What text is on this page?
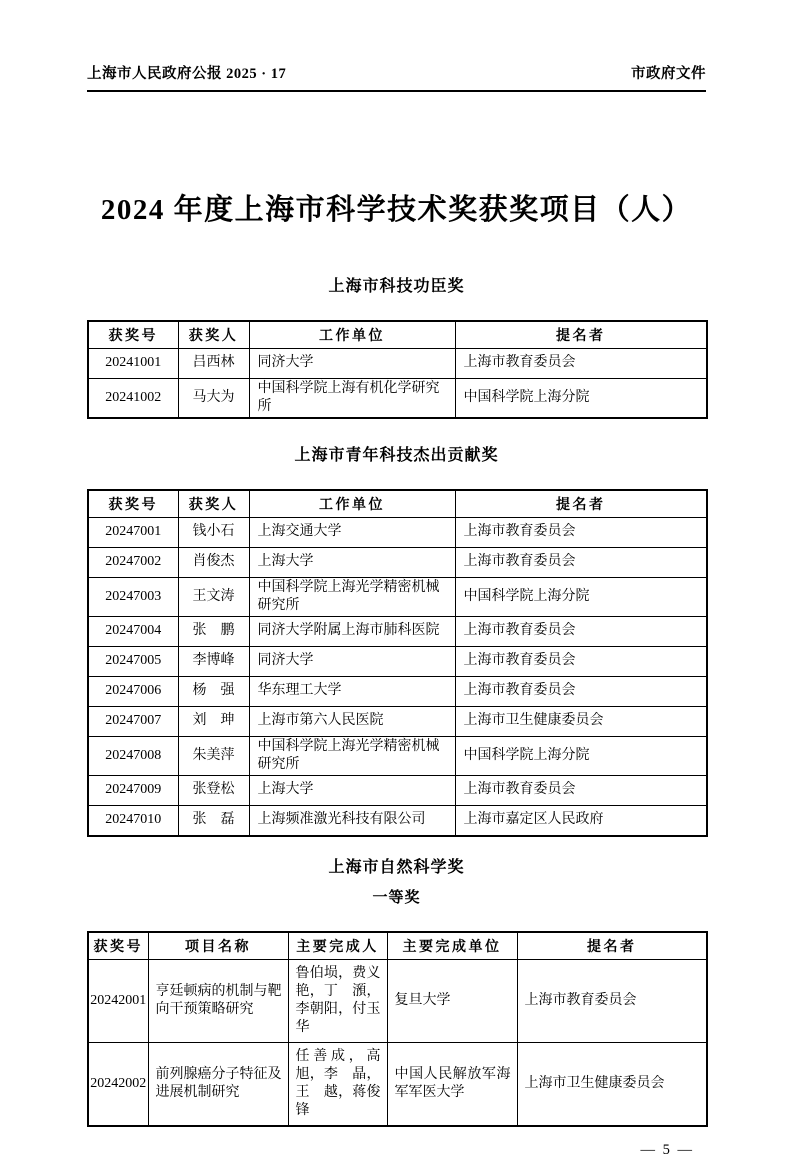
上海市人民政府公报 2025 · 17	市政府文件
2024 年度上海市科学技术奖获奖项目（人）
上海市科技功臣奖
获奖号	获奖人	工作单位	提名者
20241001	吕西林	同济大学	上海市教育委员会
20241002	马大为	中国科学院上海有机化学研究所	中国科学院上海分院
上海市青年科技杰出贡献奖
获奖号	获奖人	工作单位	提名者
20247001	钱小石	上海交通大学	上海市教育委员会
20247002	肖俊杰	上海大学	上海市教育委员会
20247003	王文涛	中国科学院上海光学精密机械研究所	中国科学院上海分院
20247004	张　鹏	同济大学附属上海市肺科医院	上海市教育委员会
20247005	李博峰	同济大学	上海市教育委员会
20247006	杨　强	华东理工大学	上海市教育委员会
20247007	刘　珅	上海市第六人民医院	上海市卫生健康委员会
20247008	朱美萍	中国科学院上海光学精密机械研究所	中国科学院上海分院
20247009	张登松	上海大学	上海市教育委员会
20247010	张　磊	上海频准激光科技有限公司	上海市嘉定区人民政府
上海市自然科学奖
一等奖
获奖号	项目名称	主要完成人	主要完成单位	提名者
20242001	亨廷顿病的机制与靶向干预策略研究	鲁伯埙，费义艳，丁　澦，李朝阳，付玉华	复旦大学	上海市教育委员会
20242002	前列腺癌分子特征及进展机制研究	任善成，高　旭，李　晶，王　越，蒋俊锋	中国人民解放军海军军医大学	上海市卫生健康委员会
— 5 —
